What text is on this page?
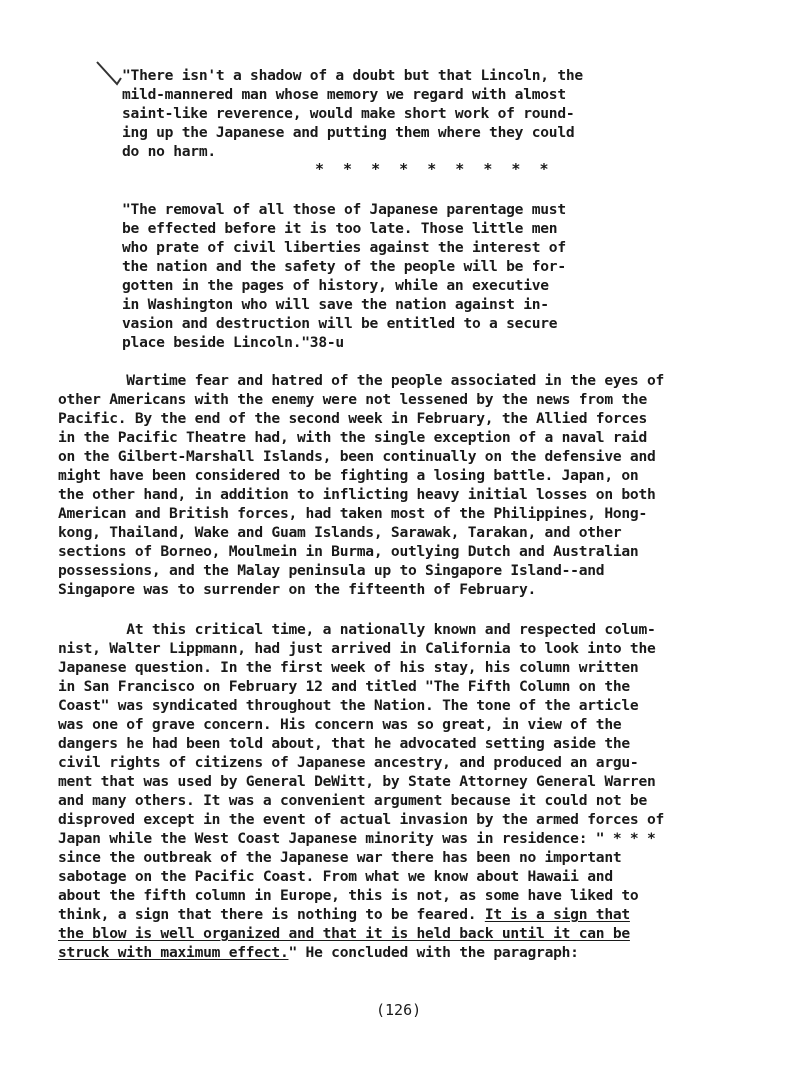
"There isn't a shadow of a doubt but that Lincoln, the
mild-mannered man whose memory we regard with almost
saint-like reverence, would make short work of round-
ing up the Japanese and putting them where they could
do no harm.
* * * * * * * * *
"The removal of all those of Japanese parentage must
be effected before it is too late. Those little men
who prate of civil liberties against the interest of
the nation and the safety of the people will be for-
gotten in the pages of history, while an executive
in Washington who will save the nation against in-
vasion and destruction will be entitled to a secure
place beside Lincoln."38-u
Wartime fear and hatred of the people associated in the eyes of
other Americans with the enemy were not lessened by the news from the
Pacific. By the end of the second week in February, the Allied forces
in the Pacific Theatre had, with the single exception of a naval raid
on the Gilbert-Marshall Islands, been continually on the defensive and
might have been considered to be fighting a losing battle. Japan, on
the other hand, in addition to inflicting heavy initial losses on both
American and British forces, had taken most of the Philippines, Hong-
kong, Thailand, Wake and Guam Islands, Sarawak, Tarakan, and other
sections of Borneo, Moulmein in Burma, outlying Dutch and Australian
possessions, and the Malay peninsula up to Singapore Island--and
Singapore was to surrender on the fifteenth of February.
At this critical time, a nationally known and respected colum-
nist, Walter Lippmann, had just arrived in California to look into the
Japanese question. In the first week of his stay, his column written
in San Francisco on February 12 and titled "The Fifth Column on the
Coast" was syndicated throughout the Nation. The tone of the article
was one of grave concern. His concern was so great, in view of the
dangers he had been told about, that he advocated setting aside the
civil rights of citizens of Japanese ancestry, and produced an argu-
ment that was used by General DeWitt, by State Attorney General Warren
and many others. It was a convenient argument because it could not be
disproved except in the event of actual invasion by the armed forces of
Japan while the West Coast Japanese minority was in residence: " * * *
since the outbreak of the Japanese war there has been no important
sabotage on the Pacific Coast. From what we know about Hawaii and
about the fifth column in Europe, this is not, as some have liked to
think, a sign that there is nothing to be feared. It is a sign that
the blow is well organized and that it is held back until it can be
struck with maximum effect." He concluded with the paragraph:
(126)
